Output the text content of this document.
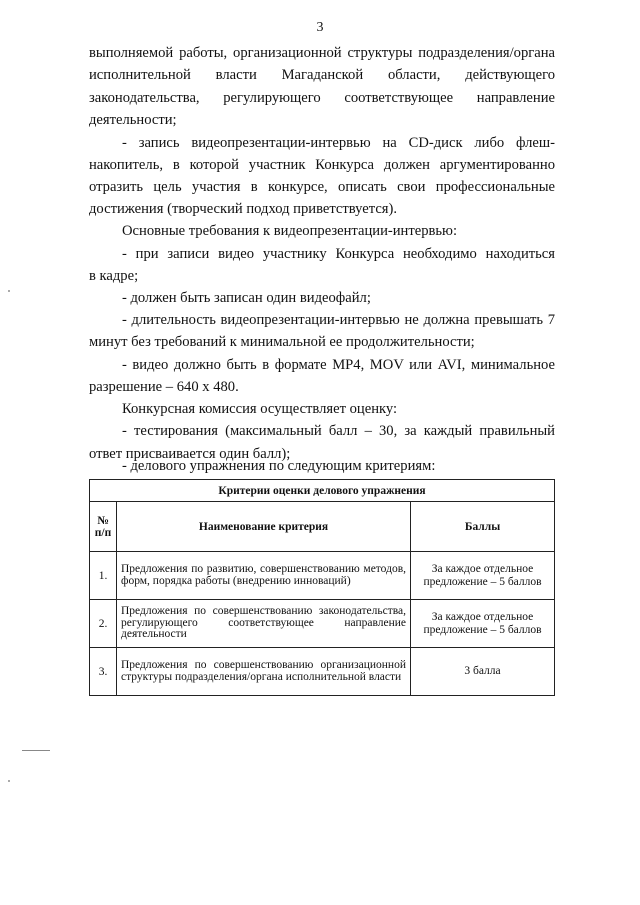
3

выполняемой работы, организационной структуры подразделения/органа

исполнительной власти Магаданской области, действующего

законодательства, регулирующего соответствующее направление

деятельности;

- запись видеопрезентации-интервью на CD-диск либо флеш-

накопитель, в которой участник Конкурса должен аргументированно

отразить цель участия в конкурсе, описать свои профессиональные

достижения (творческий подход приветствуется).

Основные требования к видеопрезентации-интервью:

- при записи видео участнику Конкурса необходимо находиться

в кадре;

- должен быть записан один видеофайл;

- длительность видеопрезентации-интервью не должна превышать 7

минут без требований к минимальной ее продолжительности;

- видео должно быть в формате MP4, MOV или AVI, минимальное

разрешение – 640 х 480.

Конкурсная комиссия осуществляет оценку:

- тестирования (максимальный балл – 30, за каждый правильный

ответ присваивается один балл);

- делового упражнения по следующим критериям:

Критерии оценки делового упражнения		
№ п/п	Наименование критерия	Баллы
1.	Предложения по развитию, совершенствованию методов, форм, порядка работы (внедрению инноваций)	За каждое отдельное предложение – 5 баллов
2.	Предложения по совершенствованию законодательства, регулирующего соответствующее направление деятельности	За каждое отдельное предложение – 5 баллов
3.	Предложения по совершенствованию организационной структуры подразделения/органа исполнительной власти	3 балла
